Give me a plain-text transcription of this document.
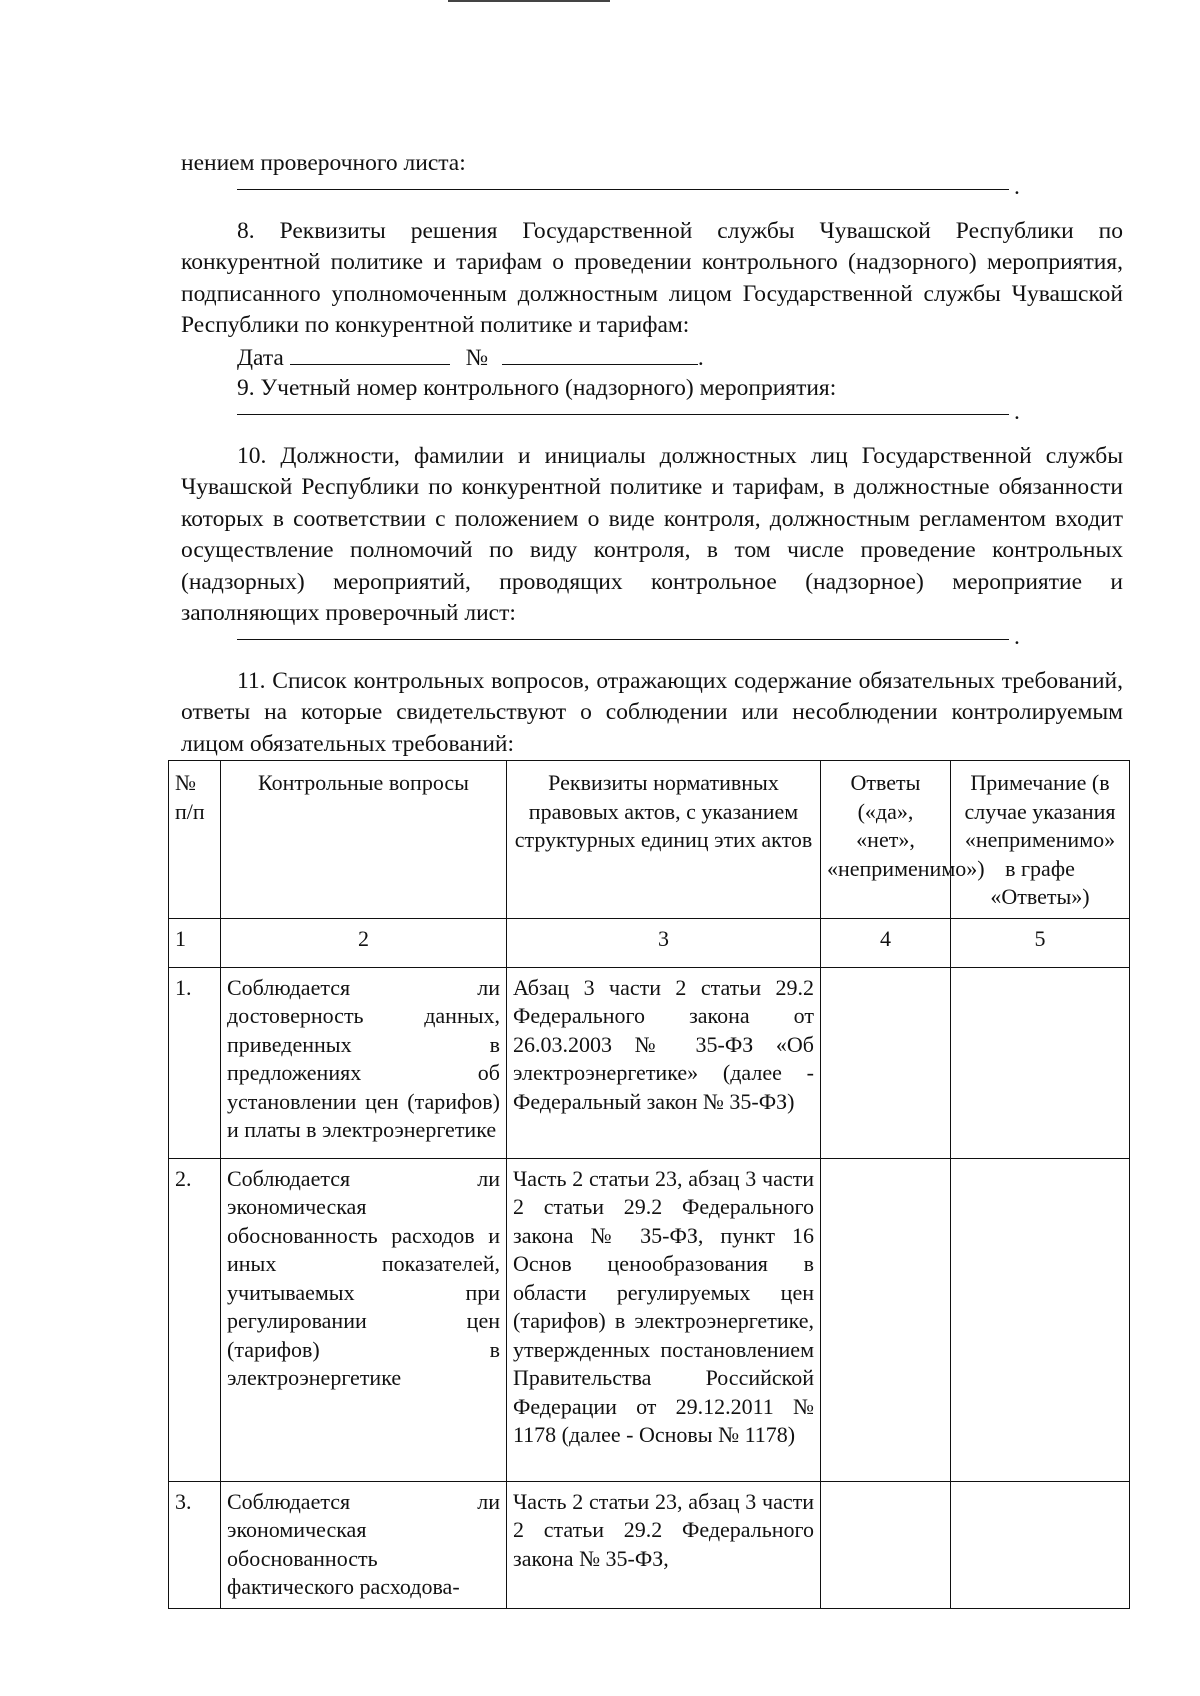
нением проверочного листа:

.

8. Реквизиты решения Государственной службы Чувашской Республики по конкурентной политике и тарифам о проведении контрольного (надзорного) мероприятия, подписанного уполномоченным должностным лицом Государственной службы Чувашской Республики по конкурентной политике и тарифам:

Дата	№	.

9. Учетный номер контрольного (надзорного) мероприятия:

.

10. Должности, фамилии и инициалы должностных лиц Государственной службы Чувашской Республики по конкурентной политике и тарифам, в должностные обязанности которых в соответствии с положением о виде контроля, должностным регламентом входит осуществление полномочий по виду контроля, в том числе проведение контрольных (надзорных) мероприятий, проводящих контрольное (надзорное) мероприятие и заполняющих проверочный лист:

.

11. Список контрольных вопросов, отражающих содержание обязательных требований, ответы на которые свидетельствуют о соблюдении или несоблюдении контролируемым лицом обязательных требований:

№ п/п	Контрольные вопросы	Реквизиты нормативных правовых актов, с указанием структурных единиц этих актов	Ответы («да», «нет», «неприменимо»)	Примечание (в случае указания «неприменимо» в графе «Ответы»)
1	2	3	4	5
1.	Соблюдается ли достоверность данных, приведенных в предложениях об установлении цен (тарифов) и платы в электроэнергетике	Абзац 3 части 2 статьи 29.2 Федерального закона от 26.03.2003 № 35-ФЗ «Об электроэнергетике» (далее - Федеральный закон № 35-ФЗ)		
2.	Соблюдается ли экономическая обоснованность расходов и иных показателей, учитываемых при регулировании цен (тарифов) в электроэнергетике	Часть 2 статьи 23, абзац 3 части 2 статьи 29.2 Федерального закона № 35-ФЗ, пункт 16 Основ ценообразования в области регулируемых цен (тарифов) в электроэнергетике, утвержденных постановлением Правительства Российской Федерации от 29.12.2011 № 1178 (далее - Основы № 1178)		
3.	Соблюдается ли экономическая обоснованность фактического расходова-	Часть 2 статьи 23, абзац 3 части 2 статьи 29.2 Федерального закона № 35-ФЗ,		
